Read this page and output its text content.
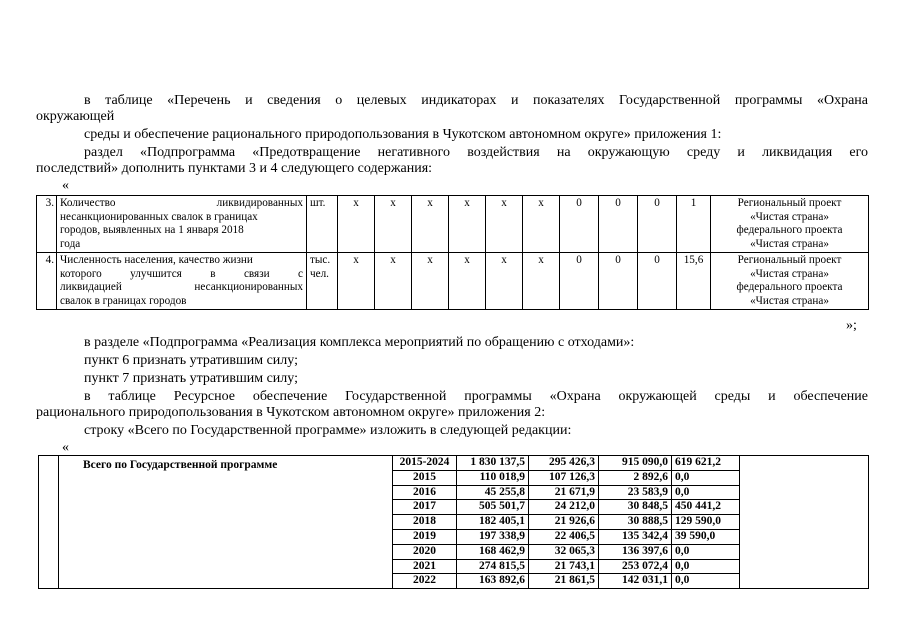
в таблице «Перечень и сведения о целевых индикаторах и показателях Государственной программы «Охрана
окружающей
среды и обеспечение рационального природопользования в Чукотском автономном округе» приложения 1:
раздел «Подпрограмма «Предотвращение негативного воздействия на окружающую среду и ликвидация его
последствий» дополнить пунктами 3 и 4 следующего содержания:
«
3.	Количество ликвидированных
несанкционированных свалок в границах
городов, выявленных на 1 января 2018
года	шт.	х	х	х	х	х	х	0	0	0	1	Региональный проект
«Чистая страна»
федерального проекта
«Чистая страна»

4.	Численность населения, качество жизни
которого улучшится в связи с
ликвидацией несанкционированных
свалок в границах городов	тыс. чел.	х	х	х	х	х	х	0	0	0	15,6	Региональный проект
«Чистая страна»
федерального проекта
«Чистая страна»
»;
в разделе «Подпрограмма «Реализация комплекса мероприятий по обращению с отходами»:
пункт 6 признать утратившим силу;
пункт 7 признать утратившим силу;
в таблице Ресурсное обеспечение Государственной программы «Охрана окружающей среды и обеспечение
рационального природопользования в Чукотском автономном округе» приложения 2:
строку «Всего по Государственной программе» изложить в следующей редакции:
«
	Всего по Государственной программе	2015-2024	1 830 137,5	295 426,3	915 090,0	619 621,2	
		2015	110 018,9	107 126,3	2 892,6	0,0	
		2016	45 255,8	21 671,9	23 583,9	0,0	
		2017	505 501,7	24 212,0	30 848,5	450 441,2	
		2018	182 405,1	21 926,6	30 888,5	129 590,0	
		2019	197 338,9	22 406,5	135 342,4	39 590,0	
		2020	168 462,9	32 065,3	136 397,6	0,0	
		2021	274 815,5	21 743,1	253 072,4	0,0	
		2022	163 892,6	21 861,5	142 031,1	0,0	
